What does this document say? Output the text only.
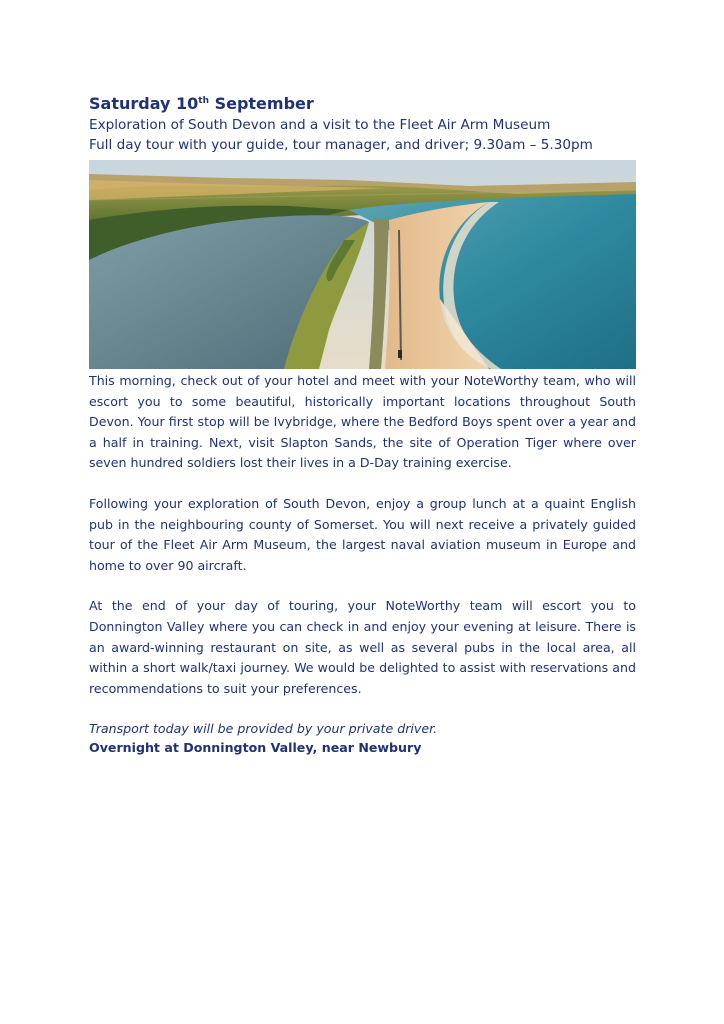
Saturday 10th September

Exploration of South Devon and a visit to the Fleet Air Arm Museum

Full day tour with your guide, tour manager, and driver; 9.30am – 5.30pm

This morning, check out of your hotel and meet with your NoteWorthy team, who will escort you to some beautiful, historically important locations throughout South Devon. Your first stop will be Ivybridge, where the Bedford Boys spent over a year and a half in training. Next, visit Slapton Sands, the site of Operation Tiger where over seven hundred soldiers lost their lives in a D-Day training exercise.

Following your exploration of South Devon, enjoy a group lunch at a quaint English pub in the neighbouring county of Somerset. You will next receive a privately guided tour of the Fleet Air Arm Museum, the largest naval aviation museum in Europe and home to over 90 aircraft.

At the end of your day of touring, your NoteWorthy team will escort you to Donnington Valley where you can check in and enjoy your evening at leisure. There is an award-winning restaurant on site, as well as several pubs in the local area, all within a short walk/taxi journey. We would be delighted to assist with reservations and recommendations to suit your preferences.

Transport today will be provided by your private driver.
Overnight at Donnington Valley, near Newbury
